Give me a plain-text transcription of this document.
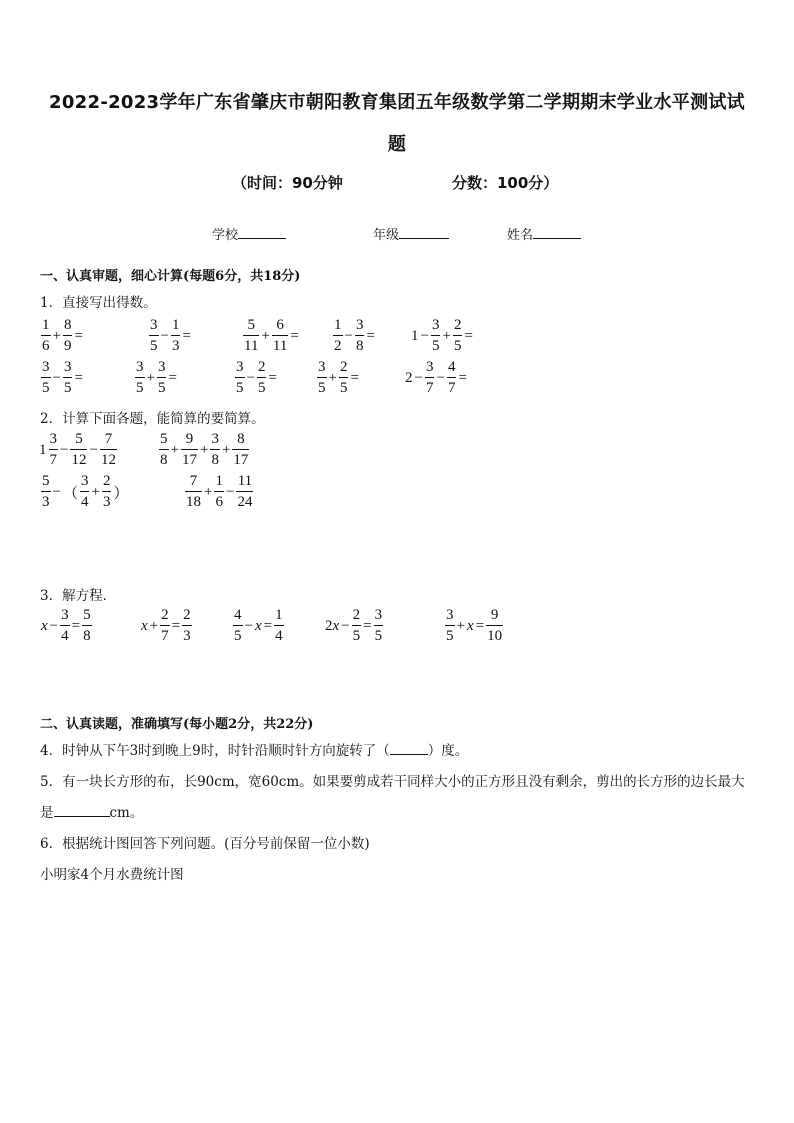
2022-2023学年广东省肇庆市朝阳教育集团五年级数学第二学期期末学业水平测试试
题
（时间：90分钟	分数：100分）
学校	年级	姓名
一、认真审题，细心计算(每题6分，共18分)
1．直接写出得数。
1
6
+ $\frac{8}{9}$ =
3
5
− $\frac{1}{3}$ =
5
11
+ $\frac{6}{11}$ =
1
2
− $\frac{3}{8} = 1 - \frac{3}{5} + \frac{2}{5}$ =
3
5
− $\frac{3}{5}$ =
3
5
+ $\frac{3}{5}$ =
3
5
− $\frac{2}{5}$ =
3
5
+ $\frac{2}{5}$ =	$2 - \frac{3}{7} - \frac{4}{7}$ =
2．计算下面各题，能简算的要简算。
1
3
7
− $\frac{5}{12} - \frac{7}{12}$	5
8
+ $\frac{9}{17} + \frac{3}{8} + \frac{8}{17}$
5
3
− （
3
4
+ $\frac{2}{3}$ ）
7
18
+ $\frac{1}{6} - \frac{11}{24}$
3．解方程．
$x - \frac{3}{4} = \frac{5}{8}$	$x + \frac{2}{7} = \frac{2}{3}$	4
5
− $x = \frac{1}{4}$	$2x - \frac{2}{5} = \frac{3}{5}$	3
5
+ $x = \frac{9}{10}$
二、认真读题，准确填写(每小题2分，共22分)
4．时钟从下午3时到晚上9时，时针沿顺时针方向旋转了（	）度。
5．有一块长方形的布，长90cm，宽60cm。如果要剪成若干同样大小的正方形且没有剩余，剪出的长方形的边长最大
是	cm。
6．根据统计图回答下列问题。(百分号前保留一位小数)
小明家4个月水费统计图
